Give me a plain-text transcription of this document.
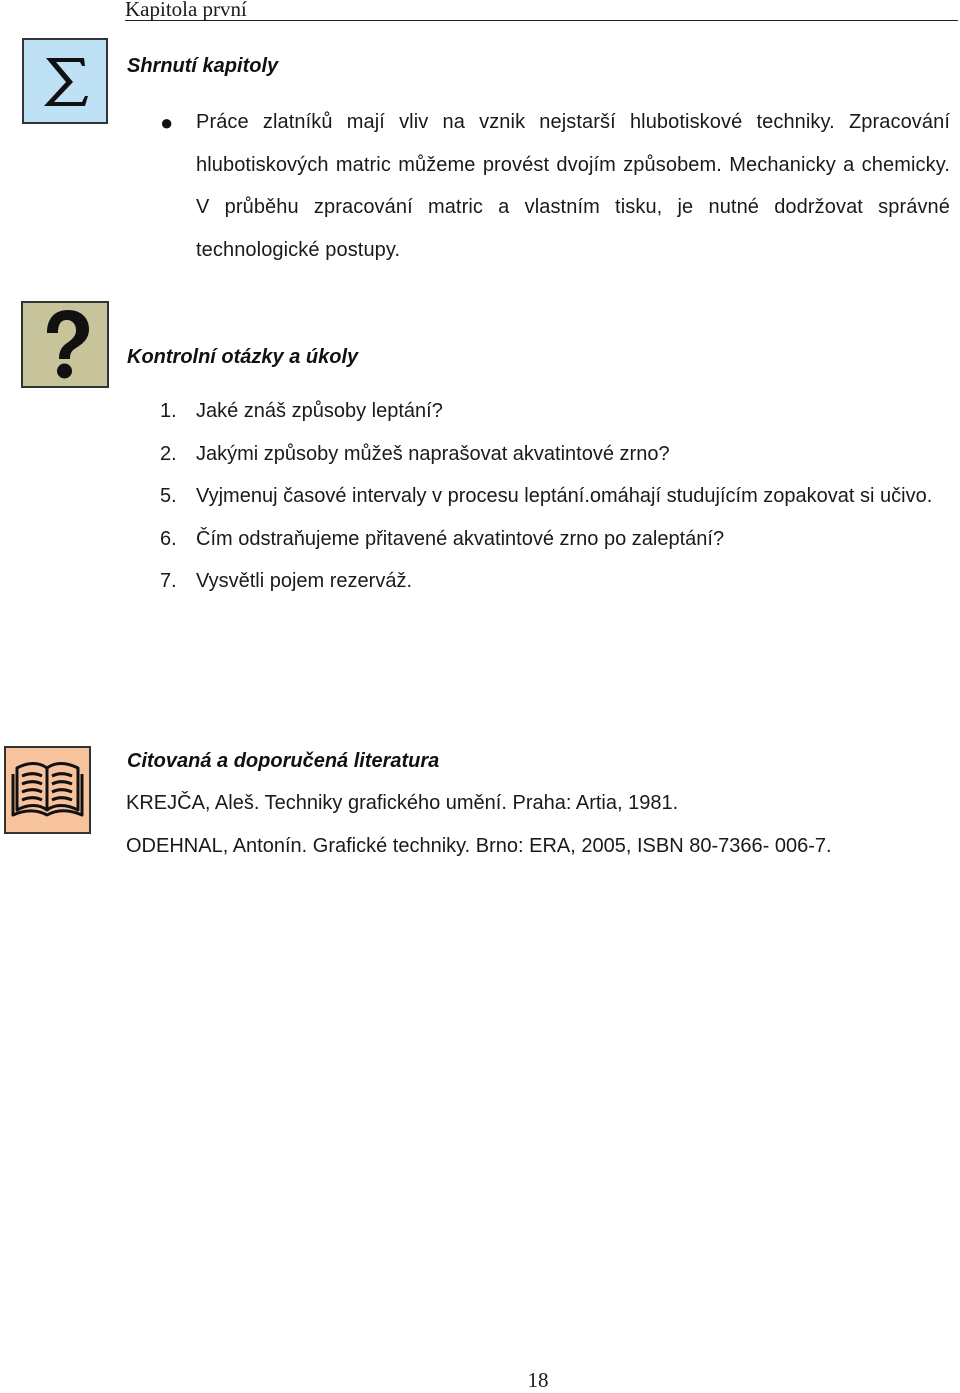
Kapitola první
Shrnutí kapitoly
● Práce zlatníků mají vliv na vznik nejstarší hlubotiskové techniky. Zpracování hlubotiskových matric můžeme provést dvojím způsobem. Mechanicky a chemicky. V průběhu zpracování matric a vlastním tisku, je nutné dodržovat správné technologické postupy.
Kontrolní otázky a úkoly
1. Jaké znáš způsoby leptání?
2. Jakými způsoby můžeš naprašovat akvatintové zrno?
5. Vyjmenuj časové intervaly v procesu leptání.omáhají studujícím zopakovat si učivo.
6. Čím odstraňujeme přitavené akvatintové zrno po zaleptání?
7. Vysvětli pojem rezerváž.
Citovaná a doporučená literatura
KREJČA, Aleš. Techniky grafického umění. Praha: Artia, 1981.
ODEHNAL, Antonín. Grafické techniky. Brno: ERA, 2005, ISBN 80-7366- 006-7.
18
